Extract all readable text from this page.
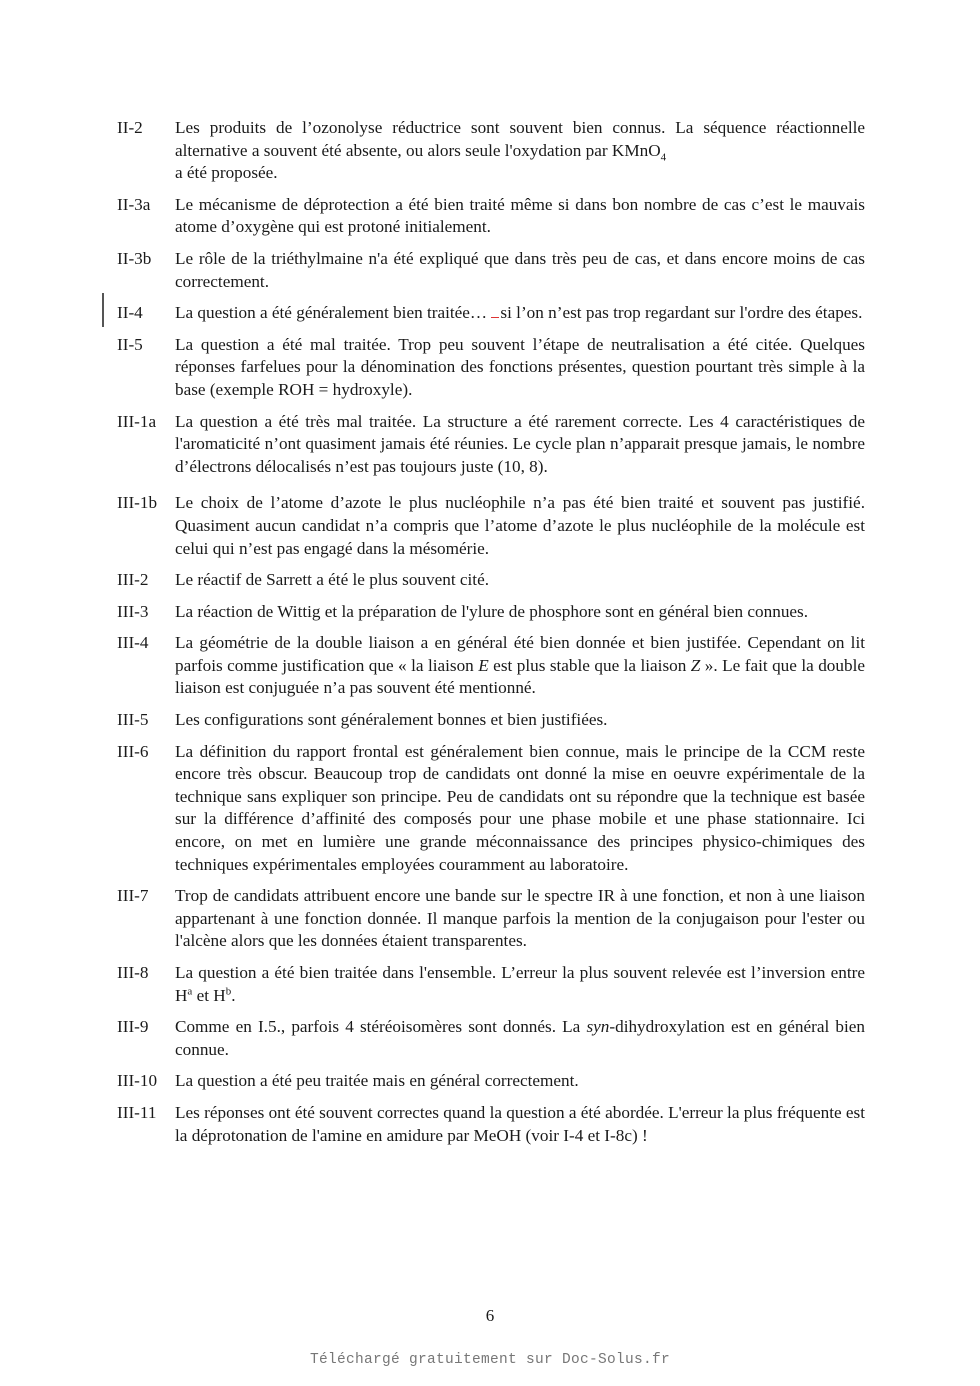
II-2	Les produits de l’ozonolyse réductrice sont souvent bien connus. La séquence réactionnelle alternative a souvent été absente, ou alors seule l'oxydation par KMnO$_4$
a été proposée.
II-3a	Le mécanisme de déprotection a été bien traité même si dans bon nombre de cas c’est le mauvais atome d’oxygène qui est protoné initialement.
II-3b	Le rôle de la triéthylmaine n'a été expliqué que dans très peu de cas, et dans encore moins de cas correctement.
II-4	La question a été généralement bien traitée… si l’on n’est pas trop regardant sur l'ordre des étapes.
II-5	La question a été mal traitée. Trop peu souvent l’étape de neutralisation a été citée. Quelques réponses farfelues pour la dénomination des fonctions présentes, question pourtant très simple à la base (exemple ROH = hydroxyle).
III-1a	La question a été très mal traitée. La structure a été rarement correcte. Les 4 caractéristiques de l'aromaticité n’ont quasiment jamais été réunies. Le cycle plan n’apparait presque jamais, le nombre d’électrons délocalisés n’est pas toujours juste (10, 8).
III-1b	Le choix de l’atome d’azote le plus nucléophile n’a pas été bien traité et souvent pas justifié. Quasiment aucun candidat n’a compris que l’atome d’azote le plus nucléophile de la molécule est celui qui n’est pas engagé dans la mésomérie.
III-2	Le réactif de Sarrett a été le plus souvent cité.
III-3	La réaction de Wittig et la préparation de l'ylure de phosphore sont en général bien connues.
III-4	La géométrie de la double liaison a en général été bien donnée et bien justifée. Cependant on lit parfois comme justification que « la liaison E est plus stable que la liaison Z ». Le fait que la double liaison est conjuguée n’a pas souvent été mentionné.
III-5	Les configurations sont généralement bonnes et bien justifiées.
III-6	La définition du rapport frontal est généralement bien connue, mais le principe de la CCM reste encore très obscur. Beaucoup trop de candidats ont donné la mise en oeuvre expérimentale de la technique sans expliquer son principe. Peu de candidats ont su répondre que la technique est basée sur la différence d’affinité des composés pour une phase mobile et une phase stationnaire. Ici encore, on met en lumière une grande méconnaissance des principes physico-chimiques des techniques expérimentales employées couramment au laboratoire.
III-7	Trop de candidats attribuent encore une bande sur le spectre IR à une fonction, et non à une liaison appartenant à une fonction donnée. Il manque parfois la mention de la conjugaison pour l'ester ou l'alcène alors que les données étaient transparentes.
III-8	La question a été bien traitée dans l'ensemble. L’erreur la plus souvent relevée est l’inversion entre $H^a$ et $H^b$.
III-9	Comme en I.5., parfois 4 stéréoisomères sont donnés. La syn-dihydroxylation est en général bien connue.
III-10	La question a été peu traitée mais en général correctement.
III-11	Les réponses ont été souvent correctes quand la question a été abordée. L'erreur la plus fréquente est la déprotonation de l'amine en amidure par MeOH (voir I-4 et I-8c) !
6
Téléchargé gratuitement sur Doc-Solus.fr
